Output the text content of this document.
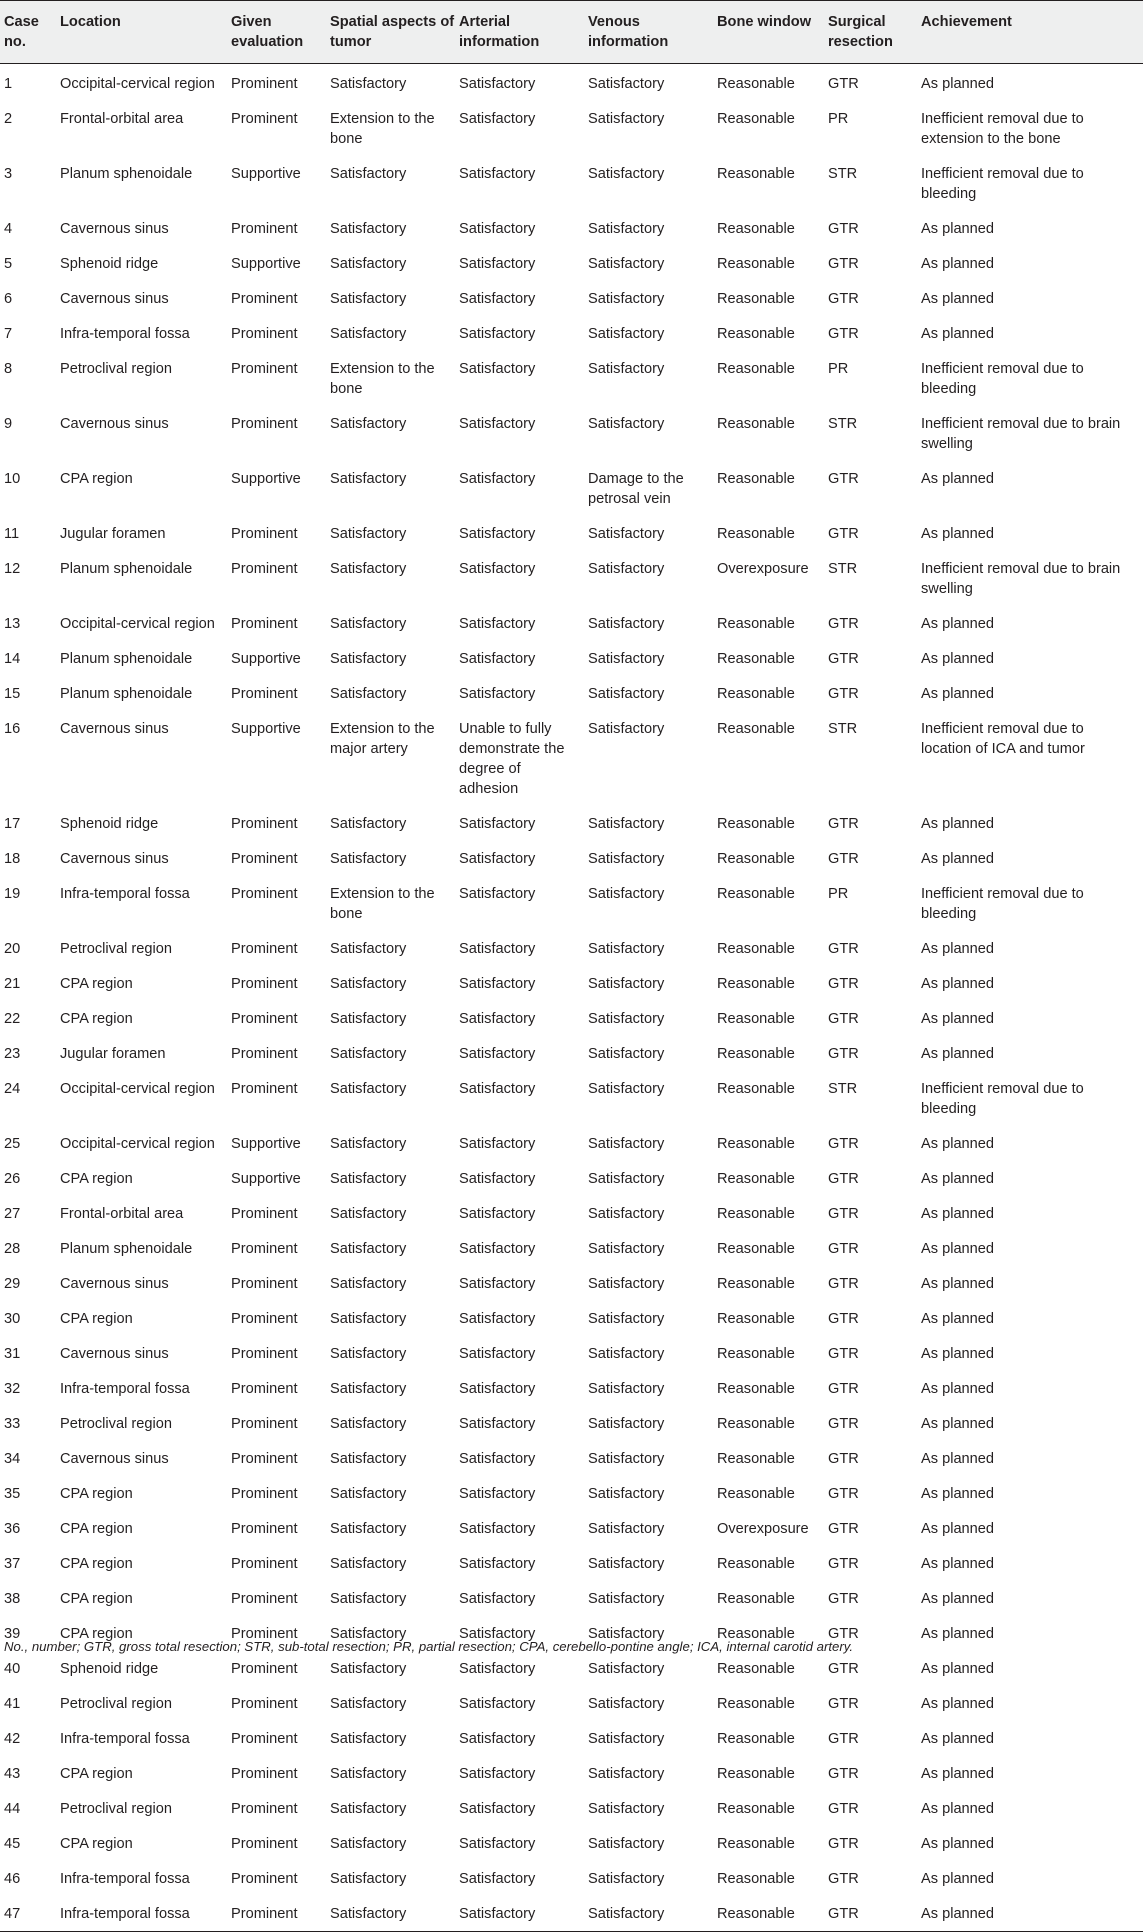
Case no.	Location	Given evaluation	Spatial aspects of tumor	Arterial information	Venous information	Bone window	Surgical resection	Achievement
1	Occipital-cervical region	Prominent	Satisfactory	Satisfactory	Satisfactory	Reasonable	GTR	As planned
2	Frontal-orbital area	Prominent	Extension to the bone	Satisfactory	Satisfactory	Reasonable	PR	Inefficient removal due to extension to the bone
3	Planum sphenoidale	Supportive	Satisfactory	Satisfactory	Satisfactory	Reasonable	STR	Inefficient removal due to bleeding
4	Cavernous sinus	Prominent	Satisfactory	Satisfactory	Satisfactory	Reasonable	GTR	As planned
5	Sphenoid ridge	Supportive	Satisfactory	Satisfactory	Satisfactory	Reasonable	GTR	As planned
6	Cavernous sinus	Prominent	Satisfactory	Satisfactory	Satisfactory	Reasonable	GTR	As planned
7	Infra-temporal fossa	Prominent	Satisfactory	Satisfactory	Satisfactory	Reasonable	GTR	As planned
8	Petroclival region	Prominent	Extension to the bone	Satisfactory	Satisfactory	Reasonable	PR	Inefficient removal due to bleeding
9	Cavernous sinus	Prominent	Satisfactory	Satisfactory	Satisfactory	Reasonable	STR	Inefficient removal due to brain swelling
10	CPA region	Supportive	Satisfactory	Satisfactory	Damage to the petrosal vein	Reasonable	GTR	As planned
11	Jugular foramen	Prominent	Satisfactory	Satisfactory	Satisfactory	Reasonable	GTR	As planned
12	Planum sphenoidale	Prominent	Satisfactory	Satisfactory	Satisfactory	Overexposure	STR	Inefficient removal due to brain swelling
13	Occipital-cervical region	Prominent	Satisfactory	Satisfactory	Satisfactory	Reasonable	GTR	As planned
14	Planum sphenoidale	Supportive	Satisfactory	Satisfactory	Satisfactory	Reasonable	GTR	As planned
15	Planum sphenoidale	Prominent	Satisfactory	Satisfactory	Satisfactory	Reasonable	GTR	As planned
16	Cavernous sinus	Supportive	Extension to the major artery	Unable to fully demonstrate the degree of adhesion	Satisfactory	Reasonable	STR	Inefficient removal due to location of ICA and tumor
17	Sphenoid ridge	Prominent	Satisfactory	Satisfactory	Satisfactory	Reasonable	GTR	As planned
18	Cavernous sinus	Prominent	Satisfactory	Satisfactory	Satisfactory	Reasonable	GTR	As planned
19	Infra-temporal fossa	Prominent	Extension to the bone	Satisfactory	Satisfactory	Reasonable	PR	Inefficient removal due to bleeding
20	Petroclival region	Prominent	Satisfactory	Satisfactory	Satisfactory	Reasonable	GTR	As planned
21	CPA region	Prominent	Satisfactory	Satisfactory	Satisfactory	Reasonable	GTR	As planned
22	CPA region	Prominent	Satisfactory	Satisfactory	Satisfactory	Reasonable	GTR	As planned
23	Jugular foramen	Prominent	Satisfactory	Satisfactory	Satisfactory	Reasonable	GTR	As planned
24	Occipital-cervical region	Prominent	Satisfactory	Satisfactory	Satisfactory	Reasonable	STR	Inefficient removal due to bleeding
25	Occipital-cervical region	Supportive	Satisfactory	Satisfactory	Satisfactory	Reasonable	GTR	As planned
26	CPA region	Supportive	Satisfactory	Satisfactory	Satisfactory	Reasonable	GTR	As planned
27	Frontal-orbital area	Prominent	Satisfactory	Satisfactory	Satisfactory	Reasonable	GTR	As planned
28	Planum sphenoidale	Prominent	Satisfactory	Satisfactory	Satisfactory	Reasonable	GTR	As planned
29	Cavernous sinus	Prominent	Satisfactory	Satisfactory	Satisfactory	Reasonable	GTR	As planned
30	CPA region	Prominent	Satisfactory	Satisfactory	Satisfactory	Reasonable	GTR	As planned
31	Cavernous sinus	Prominent	Satisfactory	Satisfactory	Satisfactory	Reasonable	GTR	As planned
32	Infra-temporal fossa	Prominent	Satisfactory	Satisfactory	Satisfactory	Reasonable	GTR	As planned
33	Petroclival region	Prominent	Satisfactory	Satisfactory	Satisfactory	Reasonable	GTR	As planned
34	Cavernous sinus	Prominent	Satisfactory	Satisfactory	Satisfactory	Reasonable	GTR	As planned
35	CPA region	Prominent	Satisfactory	Satisfactory	Satisfactory	Reasonable	GTR	As planned
36	CPA region	Prominent	Satisfactory	Satisfactory	Satisfactory	Overexposure	GTR	As planned
37	CPA region	Prominent	Satisfactory	Satisfactory	Satisfactory	Reasonable	GTR	As planned
38	CPA region	Prominent	Satisfactory	Satisfactory	Satisfactory	Reasonable	GTR	As planned
39	CPA region	Prominent	Satisfactory	Satisfactory	Satisfactory	Reasonable	GTR	As planned
40	Sphenoid ridge	Prominent	Satisfactory	Satisfactory	Satisfactory	Reasonable	GTR	As planned
41	Petroclival region	Prominent	Satisfactory	Satisfactory	Satisfactory	Reasonable	GTR	As planned
42	Infra-temporal fossa	Prominent	Satisfactory	Satisfactory	Satisfactory	Reasonable	GTR	As planned
43	CPA region	Prominent	Satisfactory	Satisfactory	Satisfactory	Reasonable	GTR	As planned
44	Petroclival region	Prominent	Satisfactory	Satisfactory	Satisfactory	Reasonable	GTR	As planned
45	CPA region	Prominent	Satisfactory	Satisfactory	Satisfactory	Reasonable	GTR	As planned
46	Infra-temporal fossa	Prominent	Satisfactory	Satisfactory	Satisfactory	Reasonable	GTR	As planned
47	Infra-temporal fossa	Prominent	Satisfactory	Satisfactory	Satisfactory	Reasonable	GTR	As planned
No., number; GTR, gross total resection; STR, sub-total resection; PR, partial resection; CPA, cerebello-pontine angle; ICA, internal carotid artery.
